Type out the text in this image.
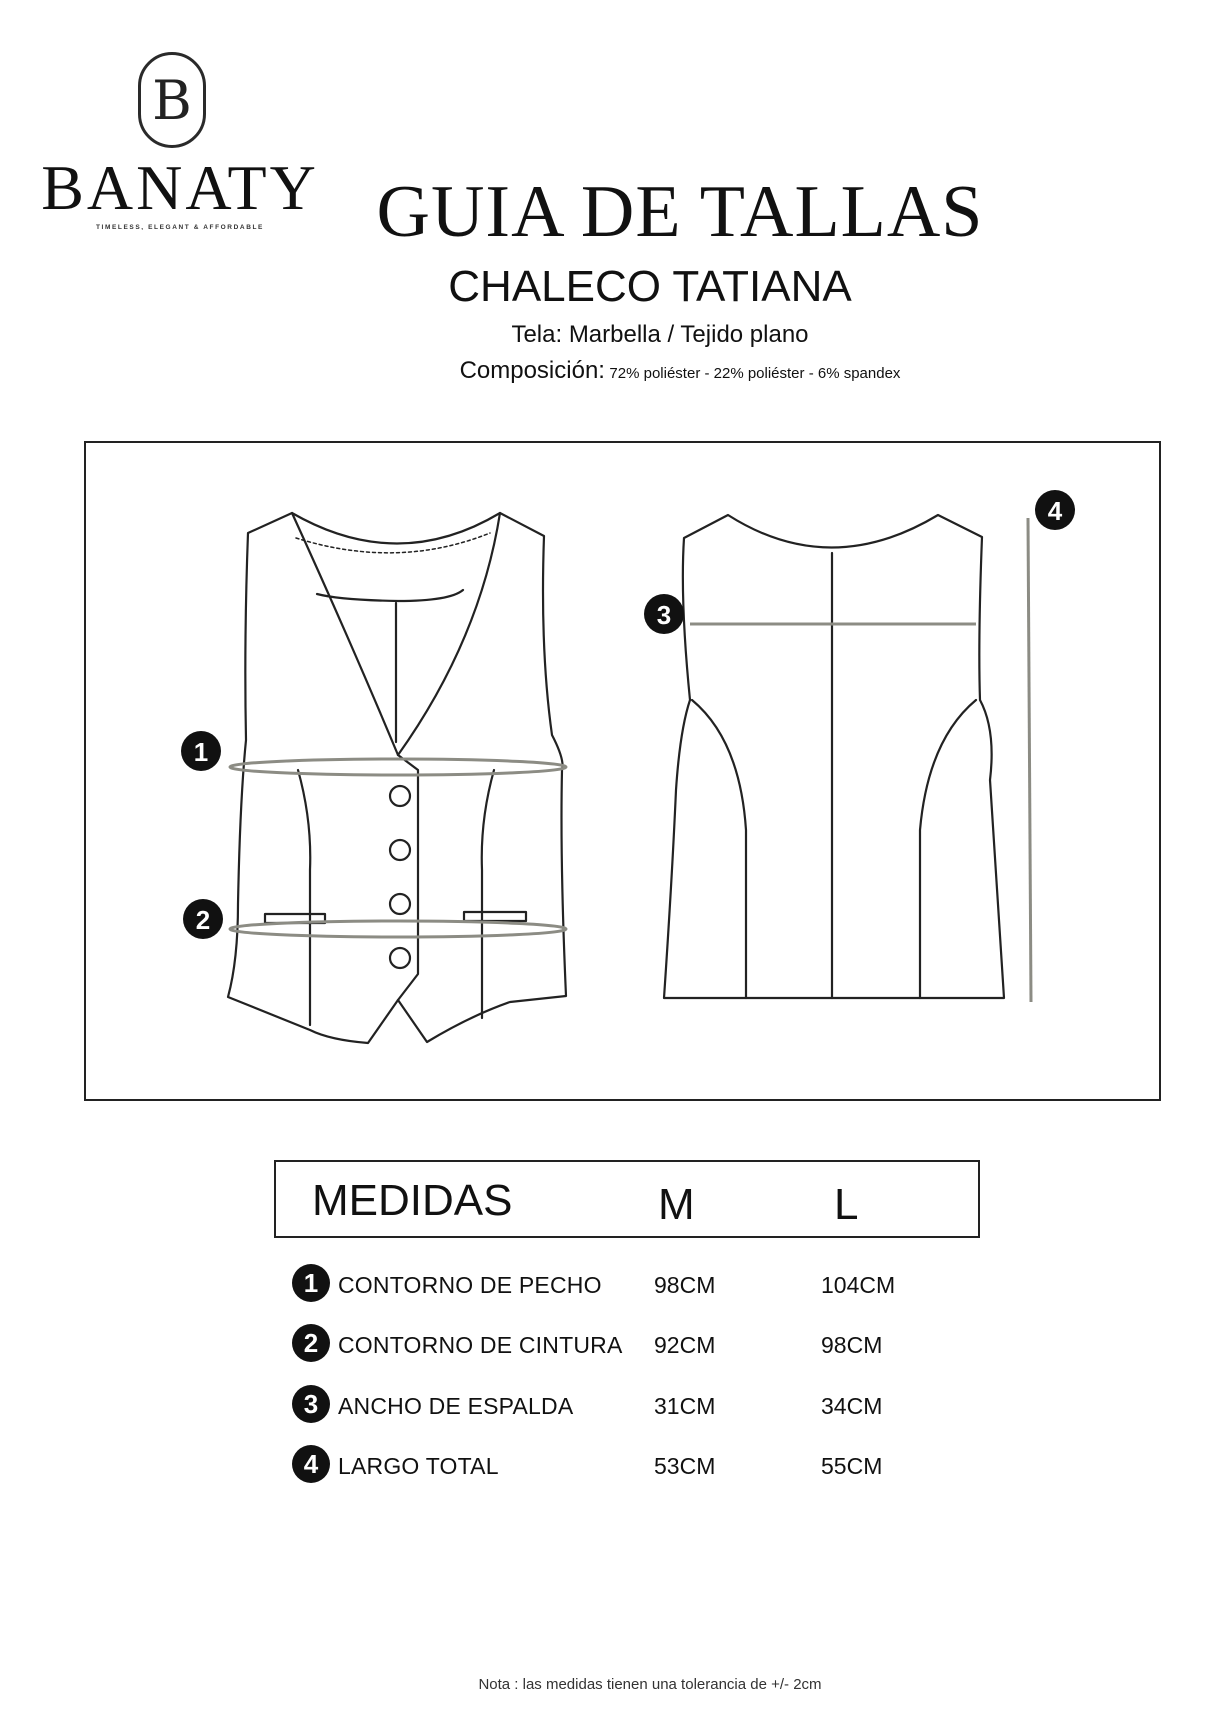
1
2
3
4
B
BANATY
TIMELESS, ELEGANT & AFFORDABLE	GUIA DE TALLAS
CHALECO TATIANA
Tela: Marbella / Tejido plano
Composición: 72% poliéster - 22% poliéster - 6% spandex
MEDIDAS	M	L
1 CONTORNO DE PECHO 98CM	104CM
2 CONTORNO DE CINTURA 92CM	98CM
3 ANCHO DE ESPALDA	31CM	34CM
4 LARGO TOTAL	53CM	55CM
Nota : las medidas tienen una tolerancia de +/- 2cm
